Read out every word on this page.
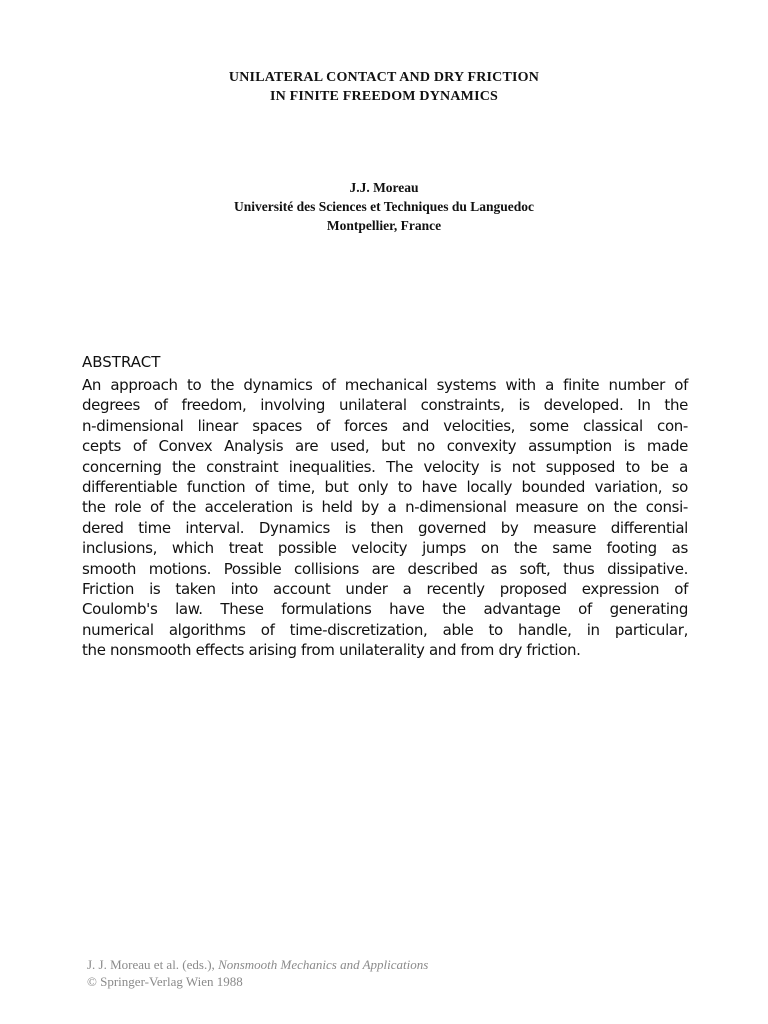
UNILATERAL CONTACT AND DRY FRICTION
IN FINITE FREEDOM DYNAMICS
J.J. Moreau
Université des Sciences et Techniques du Languedoc
Montpellier, France
ABSTRACT
An approach to the dynamics of mechanical systems with a finite number of
degrees of freedom, involving unilateral constraints, is developed. In the
n-dimensional linear spaces of forces and velocities, some classical con-
cepts of Convex Analysis are used, but no convexity assumption is made
concerning the constraint inequalities. The velocity is not supposed to be a
differentiable function of time, but only to have locally bounded variation, so
the role of the acceleration is held by a n-dimensional measure on the consi-
dered time interval. Dynamics is then governed by measure differential
inclusions, which treat possible velocity jumps on the same footing as
smooth motions. Possible collisions are described as soft, thus dissipative.
Friction is taken into account under a recently proposed expression of
Coulomb's law. These formulations have the advantage of generating
numerical algorithms of time-discretization, able to handle, in particular,
the nonsmooth effects arising from unilaterality and from dry friction.
J. J. Moreau et al. (eds.), Nonsmooth Mechanics and Applications
© Springer-Verlag Wien 1988
